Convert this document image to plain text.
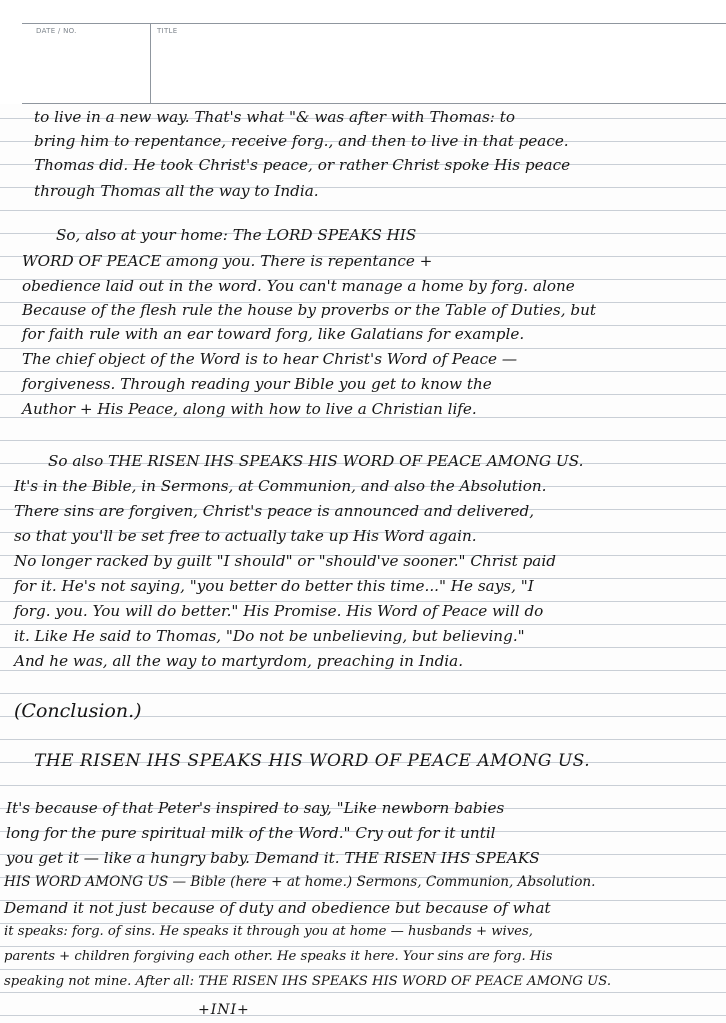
DATE / NO.	TITLE
to live in a new way. That's what "& was after with Thomas: to
bring him to repentance, receive forg., and then to live in that peace.
Thomas did. He took Christ's peace, or rather Christ spoke His peace
through Thomas all the way to India.
So, also at your home: The LORD SPEAKS HIS
WORD OF PEACE among you. There is repentance +
obedience laid out in the word. You can't manage a home by forg. alone
Because of the flesh rule the house by proverbs or the Table of Duties, but
for faith rule with an ear toward forg, like Galatians for example.
The chief object of the Word is to hear Christ's Word of Peace —
forgiveness. Through reading your Bible you get to know the
Author + His Peace, along with how to live a Christian life.
So also THE RISEN IHS SPEAKS HIS WORD OF PEACE AMONG US.
It's in the Bible, in Sermons, at Communion, and also the Absolution.
There sins are forgiven, Christ's peace is announced and delivered,
so that you'll be set free to actually take up His Word again.
No longer racked by guilt "I should" or "should've sooner." Christ paid
for it. He's not saying, "you better do better this time..." He says, "I
forg. you. You will do better." His Promise. His Word of Peace will do
it. Like He said to Thomas, "Do not be unbelieving, but believing."
And he was, all the way to martyrdom, preaching in India.
(Conclusion.)
THE RISEN IHS SPEAKS HIS WORD OF PEACE AMONG US.
It's because of that Peter's inspired to say, "Like newborn babies
long for the pure spiritual milk of the Word." Cry out for it until
you get it — like a hungry baby. Demand it. THE RISEN IHS SPEAKS
HIS WORD AMONG US — Bible (here + at home.) Sermons, Communion, Absolution.
Demand it not just because of duty and obedience but because of what
it speaks: forg. of sins. He speaks it through you at home — husbands + wives,
parents + children forgiving each other. He speaks it here. Your sins are forg. His
speaking not mine. After all: THE RISEN IHS SPEAKS HIS WORD OF PEACE AMONG US.
+INI+
